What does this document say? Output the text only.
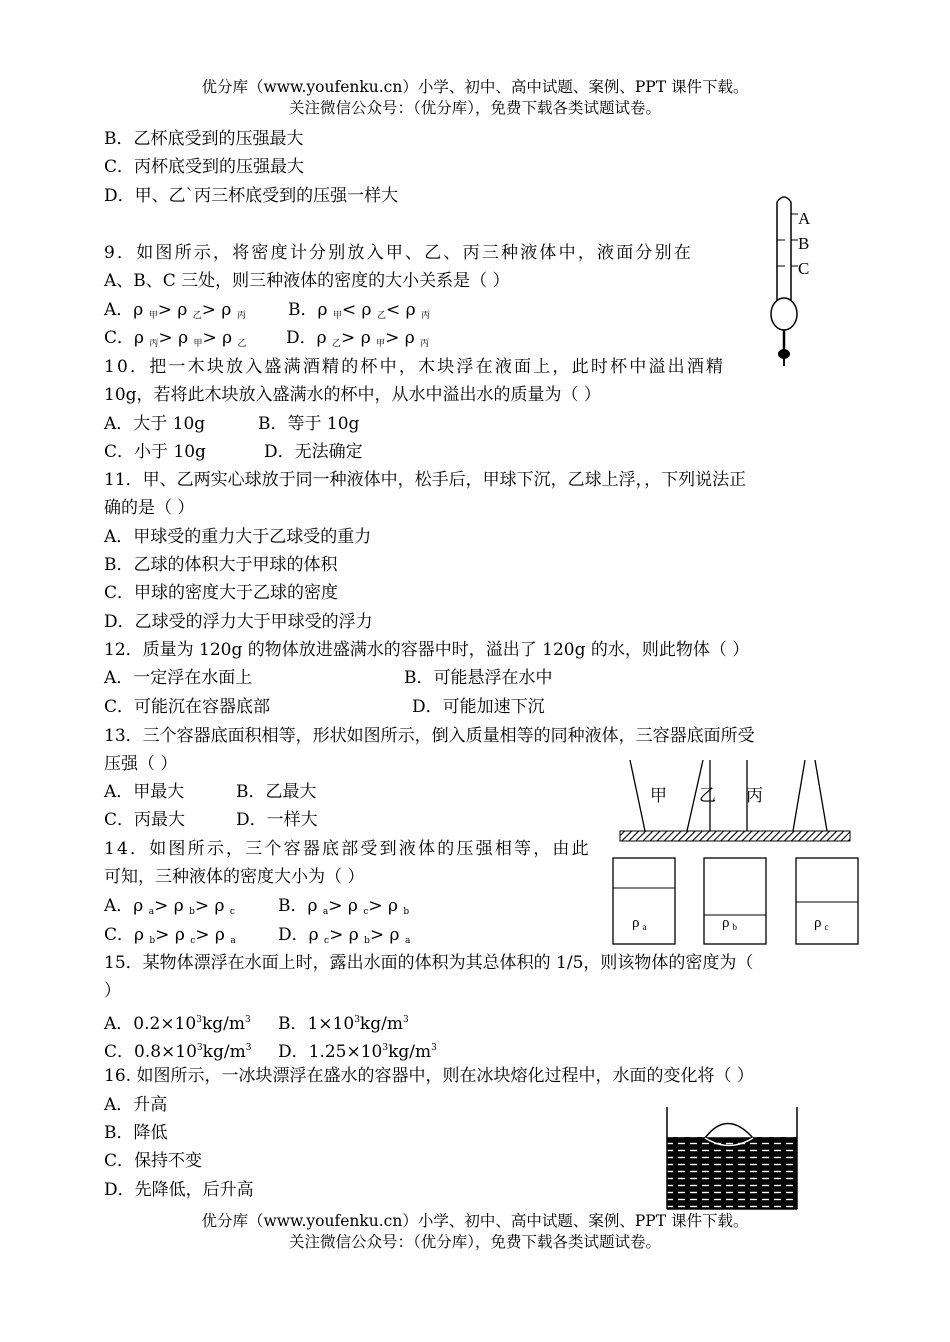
优分库（www.youfenku.cn）小学、初中、高中试题、案例、PPT 课件下载。
关注微信公众号：（优分库），免费下载各类试题试卷。
B．乙杯底受到的压强最大
C．丙杯底受到的压强最大
D．甲、乙`丙三杯底受到的压强一样大
9．如图所示，将密度计分别放入甲、乙、丙三种液体中，液面分别在
A、B、C 三处，则三种液体的密度的大小关系是（ ）
A．ρ $_甲$> ρ $_乙$> ρ $_丙$ B．ρ $_甲$< ρ $_乙$< ρ $_丙$
C．ρ $_丙$> ρ $_甲$> ρ $_乙$ D．ρ $_乙$> ρ $_甲$> ρ $_丙$
A
B
C
10．把一木块放入盛满酒精的杯中，木块浮在液面上，此时杯中溢出酒精
10g，若将此木块放入盛满水的杯中，从水中溢出水的质量为（ ）
A．大于 10g	B．等于 10g
C．小于 10g	D．无法确定
11．甲、乙两实心球放于同一种液体中，松手后，甲球下沉，乙球上浮，，下列说法正
确的是（ ）
A．甲球受的重力大于乙球受的重力
B．乙球的体积大于甲球的体积
C．甲球的密度大于乙球的密度
D．乙球受的浮力大于甲球受的浮力
12．质量为 120g 的物体放进盛满水的容器中时，溢出了 120g 的水，则此物体（ ）
A．一定浮在水面上	B．可能悬浮在水中
C．可能沉在容器底部	D．可能加速下沉
13．三个容器底面积相等，形状如图所示，倒入质量相等的同种液体，三容器底面所受
压强（ ）
A．甲最大	B．乙最大
C．丙最大	D．一样大
甲 乙 丙
14．如图所示，三个容器底部受到液体的压强相等，由此
可知，三种液体的密度大小为（ ）
A．ρ $_a$> ρ $_b$> ρ $_c$	B．ρ $_a$> ρ $_c$> ρ $_b$
C．ρ $_b$> ρ $_c$> ρ $_a$ D．ρ $_c$> ρ $_b$> ρ $_a$
ρ $_a$	ρ $_b$	ρ $_c$
15．某物体漂浮在水面上时，露出水面的体积为其总体积的 1/5，则该物体的密度为（
）
A．$0.2\times 10^3kg/m^3$ B．$1\times 10^3kg/m^3$
C．$0.8\times 10^3kg/m^3$ D．$1.25\times 10^3kg/m^3$
16. 如图所示，一冰块漂浮在盛水的容器中，则在冰块熔化过程中，水面的变化将（ ）
A．升高
B．降低
C．保持不变
D．先降低，后升高
优分库（www.youfenku.cn）小学、初中、高中试题、案例、PPT 课件下载。
关注微信公众号：（优分库），免费下载各类试题试卷。
